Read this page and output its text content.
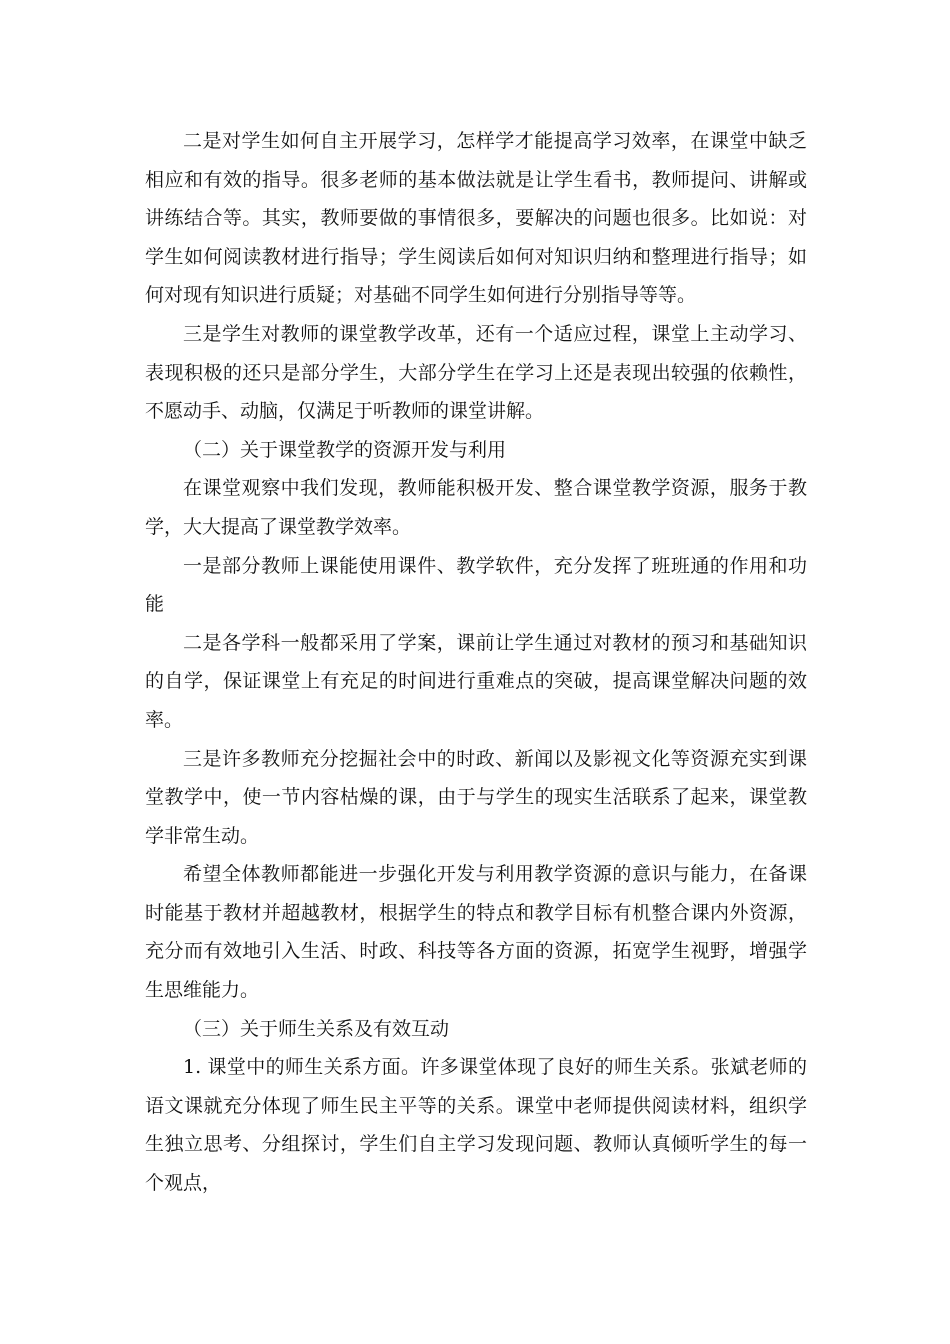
二是对学生如何自主开展学习，怎样学才能提高学习效率，在课堂中缺乏相应和有效的指导。很多老师的基本做法就是让学生看书，教师提问、讲解或讲练结合等。其实，教师要做的事情很多，要解决的问题也很多。比如说：对学生如何阅读教材进行指导；学生阅读后如何对知识归纳和整理进行指导；如何对现有知识进行质疑；对基础不同学生如何进行分别指导等等。

三是学生对教师的课堂教学改革，还有一个适应过程，课堂上主动学习、表现积极的还只是部分学生，大部分学生在学习上还是表现出较强的依赖性，不愿动手、动脑，仅满足于听教师的课堂讲解。

（二）关于课堂教学的资源开发与利用

在课堂观察中我们发现，教师能积极开发、整合课堂教学资源，服务于教学，大大提高了课堂教学效率。

一是部分教师上课能使用课件、教学软件，充分发挥了班班通的作用和功能

二是各学科一般都采用了学案，课前让学生通过对教材的预习和基础知识的自学，保证课堂上有充足的时间进行重难点的突破，提高课堂解决问题的效率。

三是许多教师充分挖掘社会中的时政、新闻以及影视文化等资源充实到课堂教学中，使一节内容枯燥的课，由于与学生的现实生活联系了起来，课堂教学非常生动。

希望全体教师都能进一步强化开发与利用教学资源的意识与能力，在备课时能基于教材并超越教材，根据学生的特点和教学目标有机整合课内外资源，充分而有效地引入生活、时政、科技等各方面的资源，拓宽学生视野，增强学生思维能力。

（三）关于师生关系及有效互动

1. 课堂中的师生关系方面。许多课堂体现了良好的师生关系。张斌老师的语文课就充分体现了师生民主平等的关系。课堂中老师提供阅读材料，组织学生独立思考、分组探讨，学生们自主学习发现问题、教师认真倾听学生的每一个观点，
